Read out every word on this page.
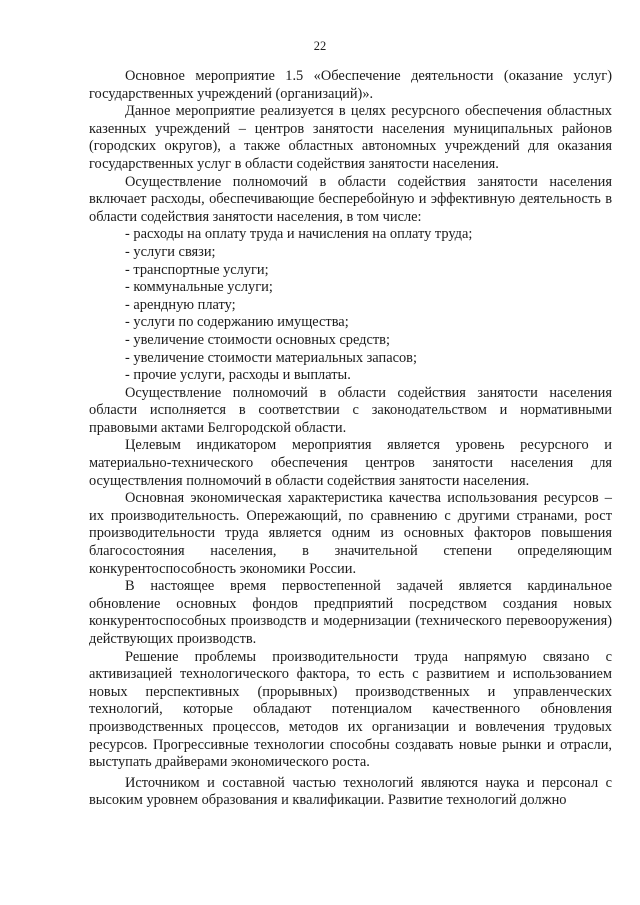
22

Основное мероприятие 1.5 «Обеспечение деятельности (оказание услуг) государственных учреждений (организаций)».

Данное мероприятие реализуется в целях ресурсного обеспечения областных казенных учреждений – центров занятости населения муниципальных районов (городских округов), а также областных автономных учреждений для оказания государственных услуг в области содействия занятости населения.

Осуществление полномочий в области содействия занятости населения включает расходы, обеспечивающие бесперебойную и эффективную деятельность в области содействия занятости населения, в том числе:

- расходы на оплату труда и начисления на оплату труда;
- услуги связи;
- транспортные услуги;
- коммунальные услуги;
- арендную плату;
- услуги по содержанию имущества;
- увеличение стоимости основных средств;
- увеличение стоимости материальных запасов;
- прочие услуги, расходы и выплаты.

Осуществление полномочий в области содействия занятости населения области исполняется в соответствии с законодательством и нормативными правовыми актами Белгородской области.

Целевым индикатором мероприятия является уровень ресурсного и материально-технического обеспечения центров занятости населения для осуществления полномочий в области содействия занятости населения.

Основная экономическая характеристика качества использования ресурсов – их производительность. Опережающий, по сравнению с другими странами, рост производительности труда является одним из основных факторов повышения благосостояния населения, в значительной степени определяющим конкурентоспособность экономики России.

В настоящее время первостепенной задачей является кардинальное обновление основных фондов предприятий посредством создания новых конкурентоспособных производств и модернизации (технического перевооружения) действующих производств.

Решение проблемы производительности труда напрямую связано с активизацией технологического фактора, то есть с развитием и использованием новых перспективных (прорывных) производственных и управленческих технологий, которые обладают потенциалом качественного обновления производственных процессов, методов их организации и вовлечения трудовых ресурсов. Прогрессивные технологии способны создавать новые рынки и отрасли, выступать драйверами экономического роста.

Источником и составной частью технологий являются наука и персонал с высоким уровнем образования и квалификации. Развитие технологий должно
